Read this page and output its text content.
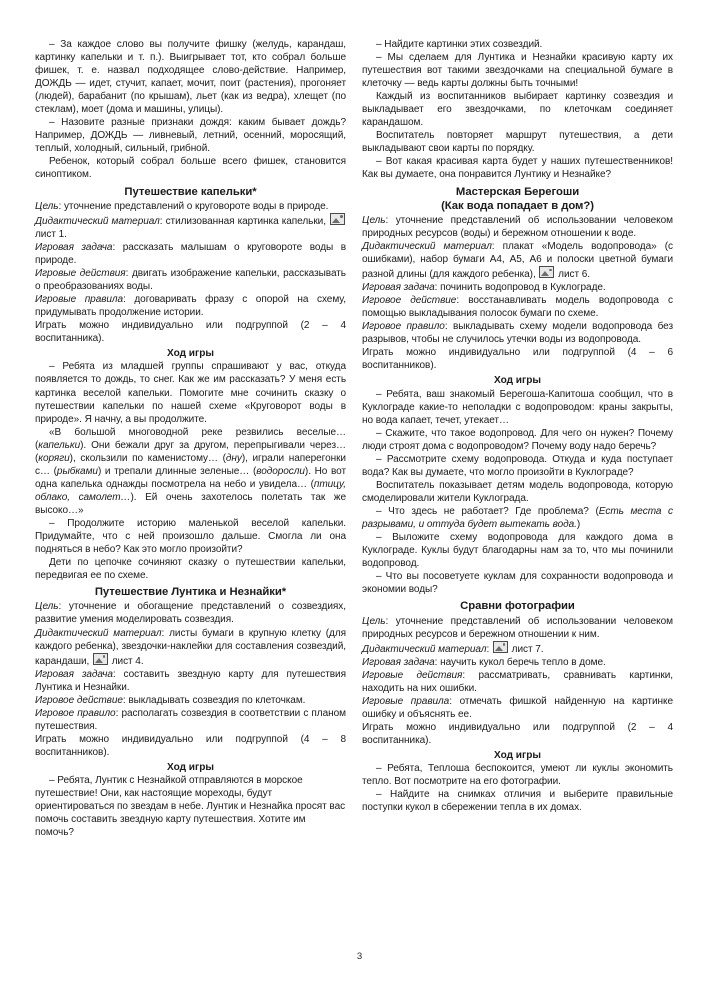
– За каждое слово вы получите фишку (желудь, карандаш, картинку капельки и т. п.). Выигрывает тот, кто собрал больше фишек, т. е. назвал подходящее слово-действие. Например, ДОЖДЬ — идет, стучит, капает, мочит, поит (растения), прогоняет (людей), барабанит (по крышам), льет (как из ведра), хлещет (по стеклам), моет (дома и машины, улицы).

– Назовите разные признаки дождя: каким бывает дождь? Например, ДОЖДЬ — ливневый, летний, осенний, моросящий, теплый, холодный, сильный, грибной.

Ребенок, который собрал больше всего фишек, становится синоптиком.

Путешествие капельки*

Цель: уточнение представлений о круговороте воды в природе.

Дидактический материал: стилизованная картинка капельки,  лист 1.

Игровая задача: рассказать малышам о круговороте воды в природе.

Игровые действия: двигать изображение капельки, рассказывать о преобразованиях воды.

Игровые правила: договаривать фразу с опорой на схему, придумывать продолжение истории.

Играть можно индивидуально или подгруппой (2 – 4 воспитанника).

Ход игры

– Ребята из младшей группы спрашивают у вас, откуда появляется то дождь, то снег. Как же им рассказать? У меня есть картинка веселой капельки. Помогите мне сочинить сказку о путешествии капельки по нашей схеме «Круговорот воды в природе». Я начну, а вы продолжите.

«В большой многоводной реке резвились веселые… (капельки). Они бежали друг за другом, перепрыгивали через… (коряги), скользили по каменистому… (дну), играли наперегонки с… (рыбками) и трепали длинные зеленые… (водоросли). Но вот одна капелька однажды посмотрела на небо и увидела… (птицу, облако, самолет…). Ей очень захотелось полетать так же высоко…»

– Продолжите историю маленькой веселой капельки. Придумайте, что с ней произошло дальше. Смогла ли она подняться в небо? Как это могло произойти?

Дети по цепочке сочиняют сказку о путешествии капельки, передвигая ее по схеме.

Путешествие Лунтика и Незнайки*

Цель: уточнение и обогащение представлений о созвездиях, развитие умения моделировать созвездия.

Дидактический материал: листы бумаги в крупную клетку (для каждого ребенка), звездочки-наклейки для составления созвездий, карандаши,  лист 4.

Игровая задача: составить звездную карту для путешествия Лунтика и Незнайки.

Игровое действие: выкладывать созвездия по клеточкам.

Игровое правило: располагать созвездия в соответствии с планом путешествия.

Играть можно индивидуально или подгруппой (4 – 8 воспитанников).

Ход игры

– Ребята, Лунтик с Незнайкой отправляются в морское путешествие! Они, как настоящие мореходы, будут ориентироваться по звездам в небе. Лунтик и Незнайка просят вас помочь составить звездную карту путешествия. Хотите им помочь?

– Найдите картинки этих созвездий.

– Мы сделаем для Лунтика и Незнайки красивую карту их путешествия вот такими звездочками на специальной бумаге в клеточку — ведь карты должны быть точными!

Каждый из воспитанников выбирает картинку созвездия и выкладывает его звездочками, по клеточкам соединяет карандашом.

Воспитатель повторяет маршрут путешествия, а дети выкладывают свои карты по порядку.

– Вот какая красивая карта будет у наших путешественников! Как вы думаете, она понравится Лунтику и Незнайке?

Мастерская Берегоши
(Как вода попадает в дом?)

Цель: уточнение представлений об использовании человеком природных ресурсов (воды) и бережном отношении к воде.

Дидактический материал: плакат «Модель водопровода» (с ошибками), набор бумаги А4, А5, А6 и полоски цветной бумаги разной длины (для каждого ребенка),  лист 6.

Игровая задача: починить водопровод в Куклограде.

Игровое действие: восстанавливать модель водопровода с помощью выкладывания полосок бумаги по схеме.

Игровое правило: выкладывать схему модели водопровода без разрывов, чтобы не случилось утечки воды из водопровода.

Играть можно индивидуально или подгруппой (4 – 6 воспитанников).

Ход игры

– Ребята, ваш знакомый Берегоша-Капитоша сообщил, что в Куклограде какие-то неполадки с водопроводом: краны закрыты, но вода капает, течет, утекает…

– Скажите, что такое водопровод. Для чего он нужен? Почему люди строят дома с водопроводом? Почему воду надо беречь?

– Рассмотрите схему водопровода. Откуда и куда поступает вода? Как вы думаете, что могло произойти в Куклограде?

Воспитатель показывает детям модель водопровода, которую смоделировали жители Куклограда.

– Что здесь не работает? Где проблема? (Есть места с разрывами, и оттуда будет вытекать вода.)

– Выложите схему водопровода для каждого дома в Куклограде. Куклы будут благодарны нам за то, что мы починили водопровод.

– Что вы посоветуете куклам для сохранности водопровода и экономии воды?

Сравни фотографии

Цель: уточнение представлений об использовании человеком природных ресурсов и бережном отношении к ним.

Дидактический материал:  лист 7.

Игровая задача: научить кукол беречь тепло в доме.

Игровые действия: рассматривать, сравнивать картинки, находить на них ошибки.

Игровые правила: отмечать фишкой найденную на картинке ошибку и объяснять ее.

Играть можно индивидуально или подгруппой (2 – 4 воспитанника).

Ход игры

– Ребята, Теплоша беспокоится, умеют ли куклы экономить тепло. Вот посмотрите на его фотографии.

– Найдите на снимках отличия и выберите правильные поступки кукол в сбережении тепла в их домах.

3
